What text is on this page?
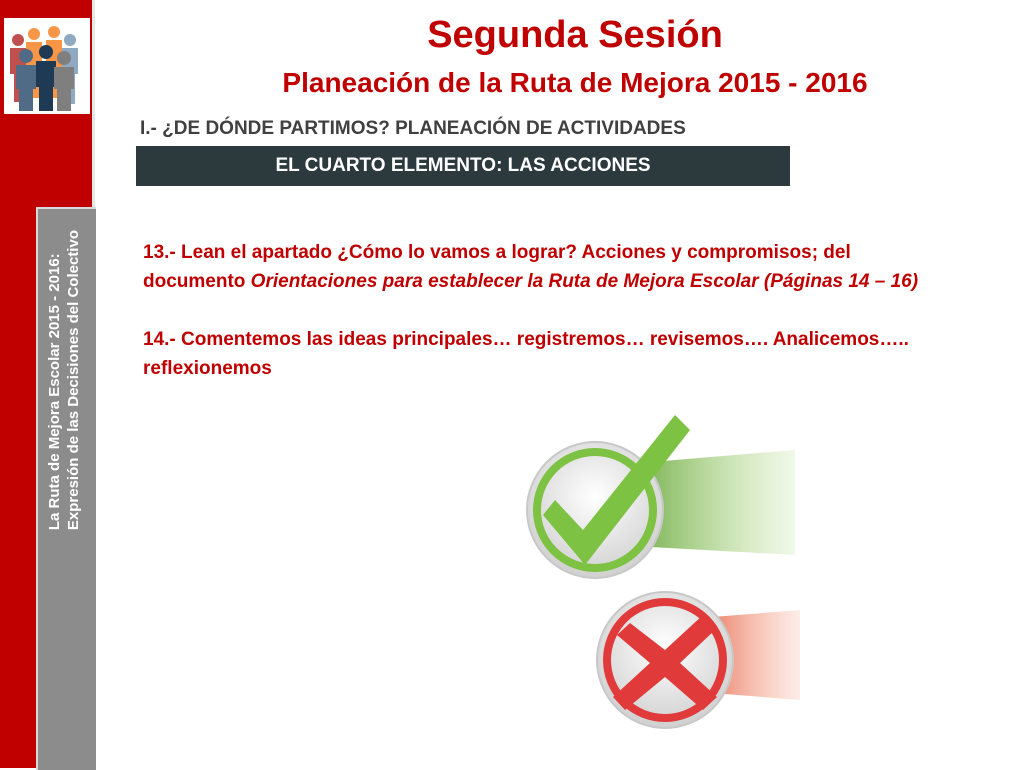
La Ruta de Mejora Escolar 2015 - 2016: Expresión de las Decisiones del Colectivo
Segunda Sesión
Planeación de la Ruta de Mejora 2015 - 2016
I.- ¿DE DÓNDE PARTIMOS? PLANEACIÓN DE ACTIVIDADES
EL CUARTO ELEMENTO: LAS ACCIONES

13.- Lean el apartado ¿Cómo lo vamos a lograr? Acciones y compromisos; del documento Orientaciones para establecer la Ruta de Mejora Escolar (Páginas 14 – 16)

14.- Comentemos las ideas principales… registremos… revisemos…. Analicemos….. reflexionemos
